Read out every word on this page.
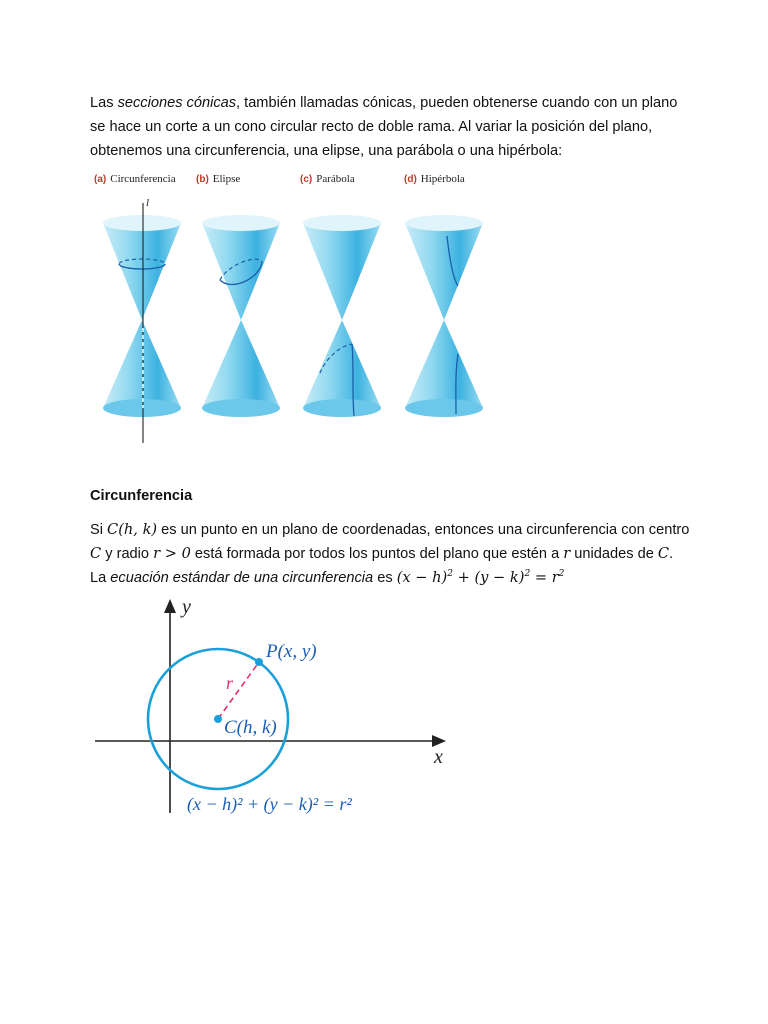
Las secciones cónicas, también llamadas cónicas, pueden obtenerse cuando con un plano se hace un corte a un cono circular recto de doble rama. Al variar la posición del plano, obtenemos una circunferencia, una elipse, una parábola o una hipérbola:

(a) Circunferencia (b) Elipse	(c) Parábola	(d) Hipérbola
l
Circunferencia

Si C(h, k) es un punto en un plano de coordenadas, entonces una circunferencia con centro C y radio r > 0 está formada por todos los puntos del plano que estén a r unidades de C. La ecuación estándar de una circunferencia es $(x - h)^2 + (y - k)^2 = r^2$

x
y
r
P(x, y)
C(h, k)
(x − h)² + (y − k)² = r²
